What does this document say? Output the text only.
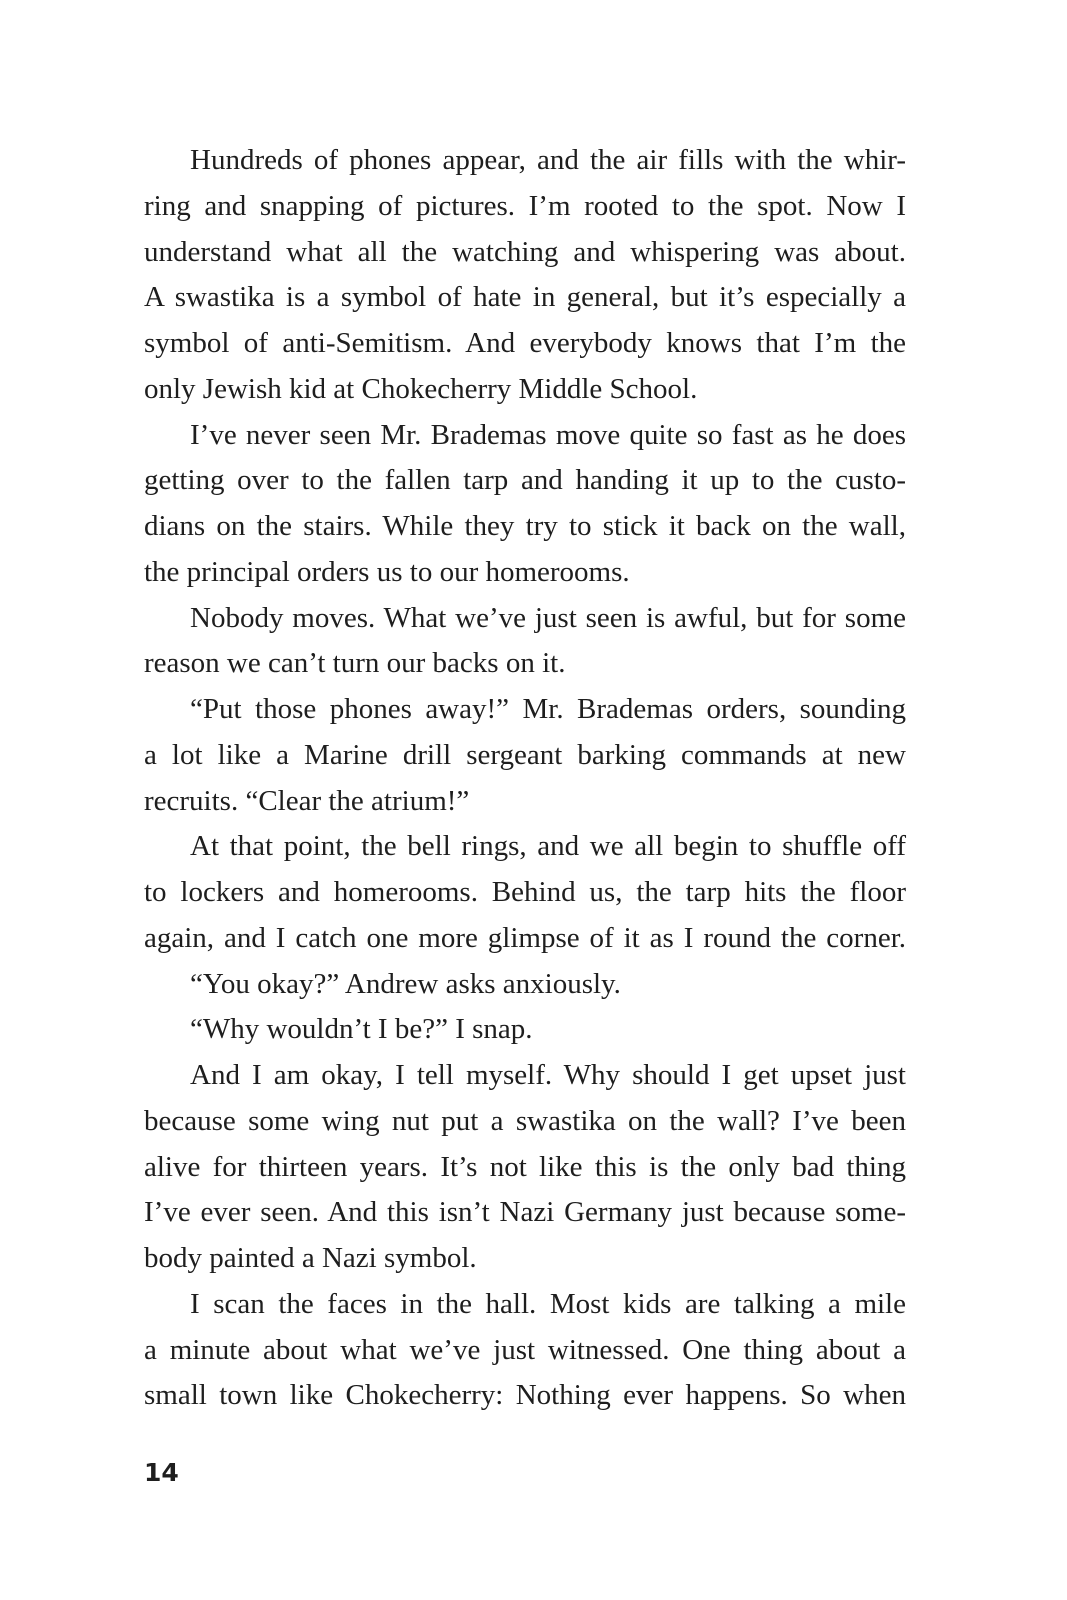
Hundreds of phones appear, and the air fills with the whir-
ring and snapping of pictures. I’m rooted to the spot. Now I
understand what all the watching and whispering was about.
A swastika is a symbol of hate in general, but it’s especially a
symbol of anti-Semitism. And everybody knows that I’m the
only Jewish kid at Chokecherry Middle School.
I’ve never seen Mr. Brademas move quite so fast as he does
getting over to the fallen tarp and handing it up to the custo-
dians on the stairs. While they try to stick it back on the wall,
the principal orders us to our homerooms.
Nobody moves. What we’ve just seen is awful, but for some
reason we can’t turn our backs on it.
“Put those phones away!” Mr. Brademas orders, sounding
a lot like a Marine drill sergeant barking commands at new
recruits. “Clear the atrium!”
At that point, the bell rings, and we all begin to shuffle off
to lockers and homerooms. Behind us, the tarp hits the floor
again, and I catch one more glimpse of it as I round the corner.
“You okay?” Andrew asks anxiously.
“Why wouldn’t I be?” I snap.
And I am okay, I tell myself. Why should I get upset just
because some wing nut put a swastika on the wall? I’ve been
alive for thirteen years. It’s not like this is the only bad thing
I’ve ever seen. And this isn’t Nazi Germany just because some-
body painted a Nazi symbol.
I scan the faces in the hall. Most kids are talking a mile
a minute about what we’ve just witnessed. One thing about a
small town like Chokecherry: Nothing ever happens. So when
14
